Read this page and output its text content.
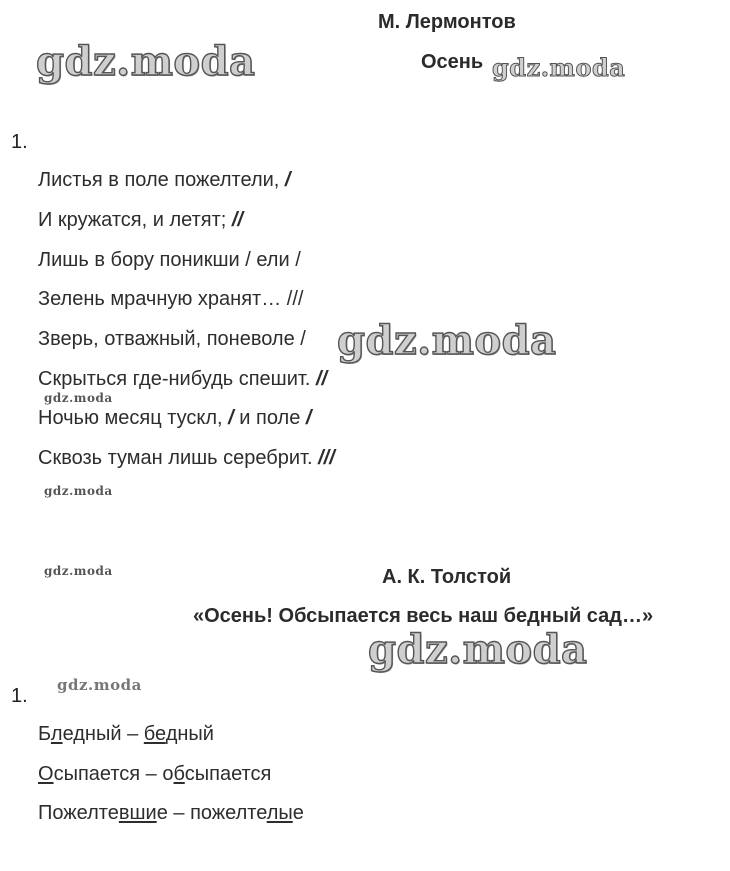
gdz.moda	gdz.moda
gdz.moda
gdz.moda
gdz.moda
gdz.moda
gdz.moda
gdz.moda
М. Лермонтов
Осень
1.
Листья в поле пожелтели, /
И кружатся, и летят; //
Лишь в бору поникши / ели /
Зелень мрачную хранят… ///
Зверь, отважный, поневоле /
Скрыться где-нибудь спешит. //
Ночью месяц тускл, / и поле /
Сквозь туман лишь серебрит. ///
А. К. Толстой
«Осень! Обсыпается весь наш бедный сад…»
1.
Бледный – бедный
Осыпается – обсыпается
Пожелтевшие – пожелтелые
